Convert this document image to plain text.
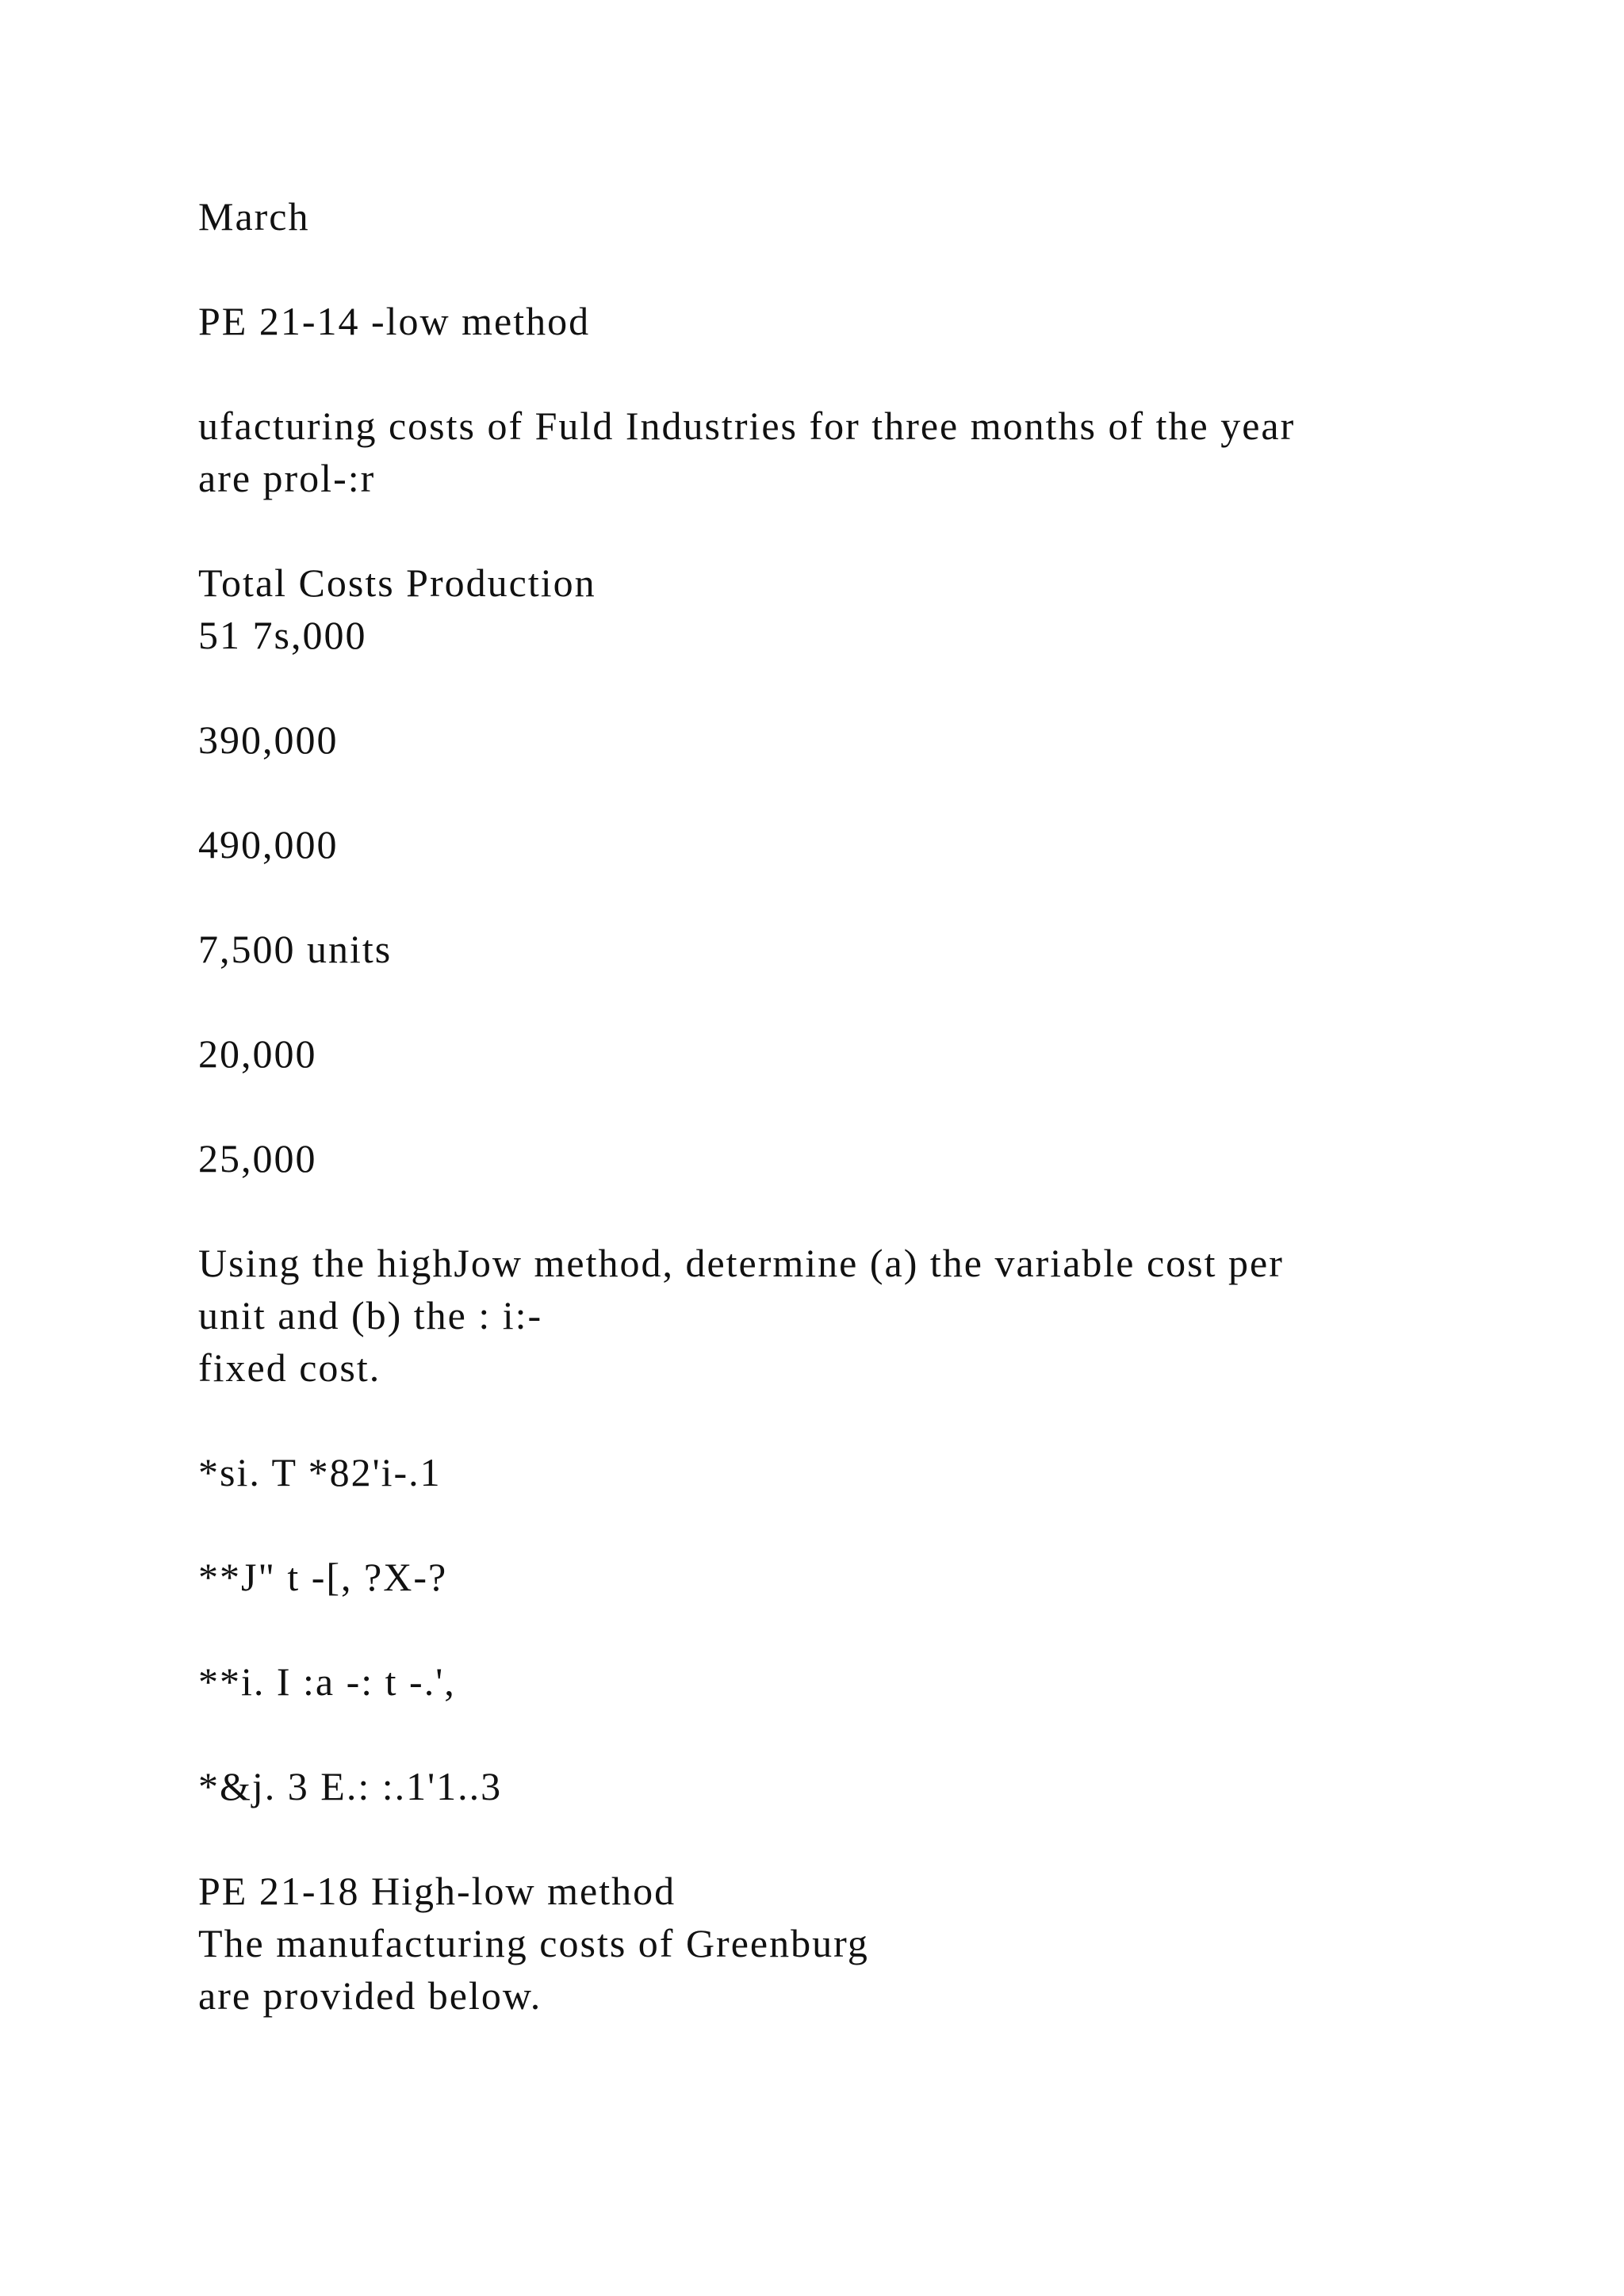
March

PE 21-14 -low method

ufacturing costs of Fuld Industries for three months of the year
are prol-:r

Total Costs Production
51 7s,000

390,000

490,000

7,500 units

20,000

25,000

Using the highJow method, determine (a) the variable cost per
unit and (b) the : i:-
fixed cost.

*si. T *82'i-.1

**J" t -[, ?X-?

**i. I :a -: t -.',

*&j. 3 E.: :.1'1..3

PE 21-18 High-low method
The manufacturing costs of Greenburg
are provided below.
